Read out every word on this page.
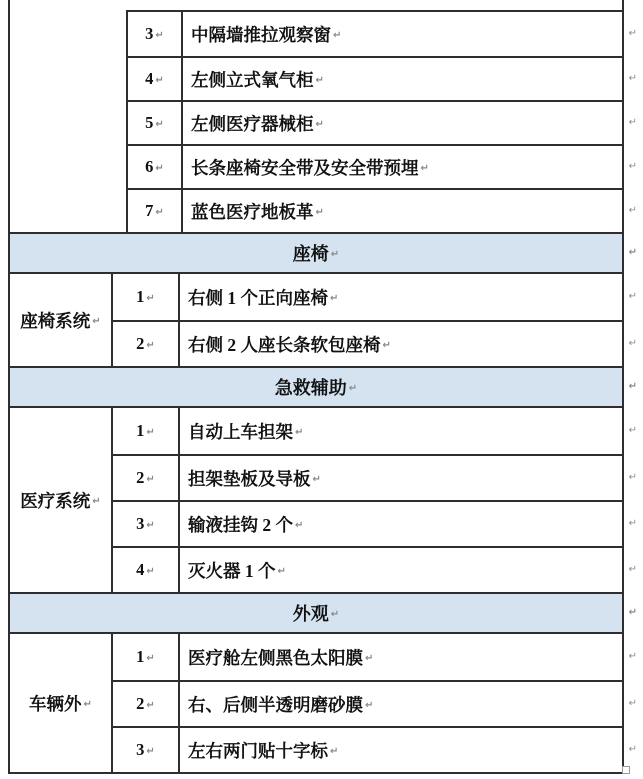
3 ↵ 中隔墙推拉观察窗 ↵	↵
4 ↵ 左侧立式氧气柜 ↵	↵
5 ↵ 左侧医疗器械柜 ↵	↵
6 ↵ 长条座椅安全带及安全带预埋 ↵	↵
7 ↵ 蓝色医疗地板革 ↵	↵
座椅 ↵	↵
座椅系统 ↵
1 ↵ 右侧 1 个正向座椅 ↵	↵
2 ↵ 右侧 2 人座长条软包座椅 ↵	↵
急救辅助 ↵	↵
医疗系统 ↵
1 ↵ 自动上车担架 ↵	↵
2 ↵ 担架垫板及导板 ↵	↵
3 ↵ 输液挂钩 2 个 ↵	↵
4 ↵ 灭火器 1 个 ↵	↵
外观 ↵	↵
车辆外 ↵
1 ↵ 医疗舱左侧黑色太阳膜 ↵	↵
2 ↵ 右、后侧半透明磨砂膜 ↵	↵
3 ↵ 左右两门贴十字标 ↵	↵
